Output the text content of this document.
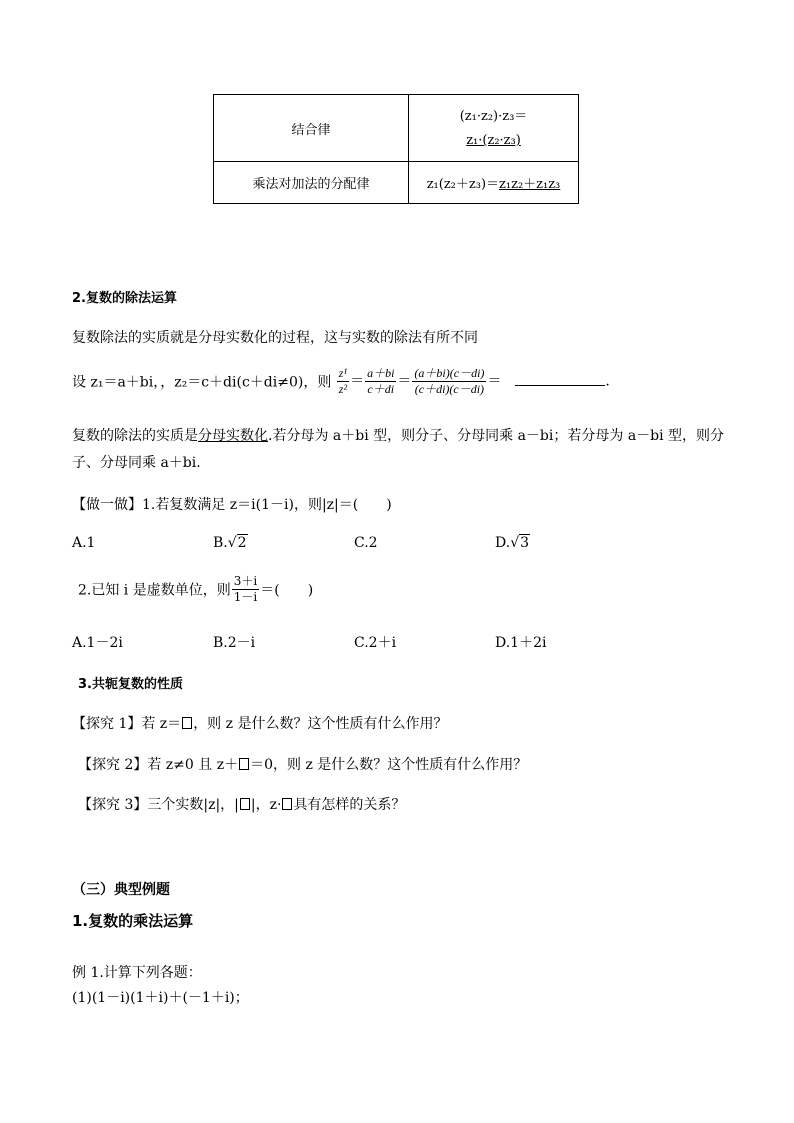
结合律	(z₁·z₂)·z₃＝
z₁·(z₂·z₃)

乘法对加法的分配律	z₁(z₂＋z₃)＝z₁z₂＋z₁z₃
2.复数的除法运算
复数除法的实质就是分母实数化的过程，这与实数的除法有所不同
设 z₁＝a＋bi，，z₂＝c＋di(c＋di≠0)，则 $\frac{\text{z¹}}{\text{z²}} = \frac{a+bi}{c+di} = \frac{(a+bi)(c-di)}{(c+di)(c-di)}$ ＝	.
复数的除法的实质是分母实数化.若分母为 a＋bi 型，则分子、分母同乘 a－bi；若分母为 a－bi 型，则分
子、分母同乘 a＋bi.
【做一做】1.若复数满足 z＝i(1－i)，则|z|＝(　　)
A.1	B.√2	C.2	D.√3
2.已知 i 是虚数单位，则 $\frac{3+i}{1-i}$ ＝(　　)
A.1－2i	B.2－i	C.2＋i	D.1＋2i
3.共轭复数的性质
【探究 1】若 z＝ ，则 z 是什么数？这个性质有什么作用？
【探究 2】若 z≠0 且 z＋ ＝0，则 z 是什么数？这个性质有什么作用？
【探究 3】三个实数|z|，| |，z· 具有怎样的关系？
（三）典型例题
1.复数的乘法运算
例 1.计算下列各题：
(1)(1－i)(1＋i)＋(－1＋i)；
